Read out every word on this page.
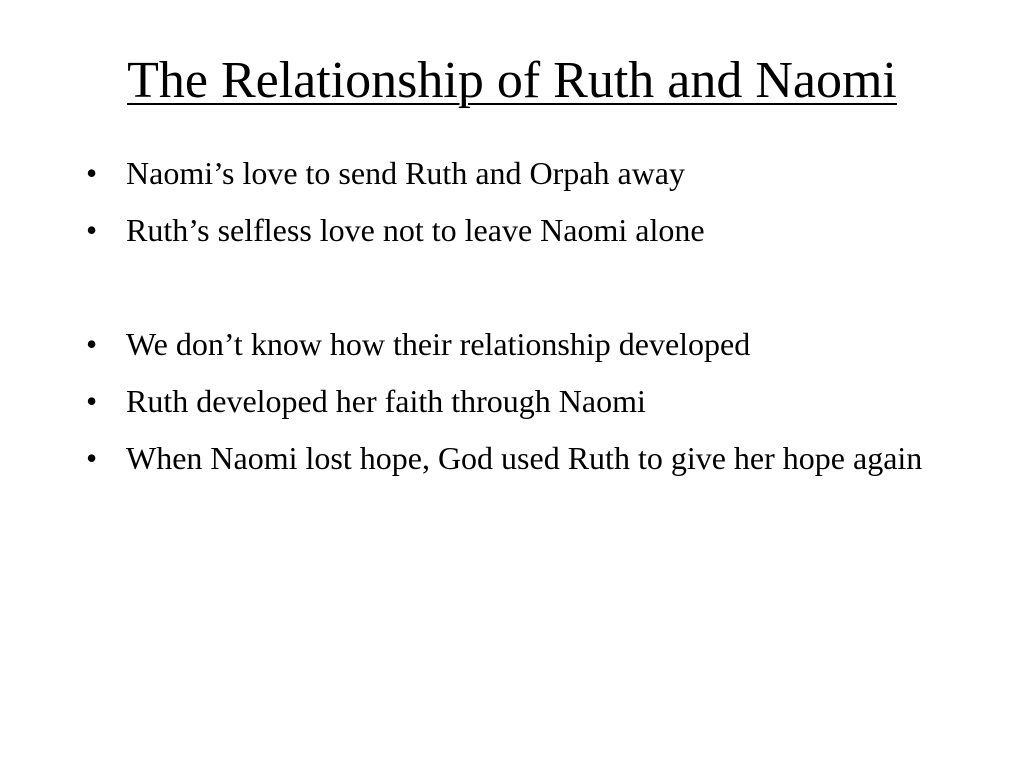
The Relationship of Ruth and Naomi
• Naomi’s love to send Ruth and Orpah away
• Ruth’s selfless love not to leave Naomi alone
• We don’t know how their relationship developed
• Ruth developed her faith through Naomi
• When Naomi lost hope, God used Ruth to give her hope again
